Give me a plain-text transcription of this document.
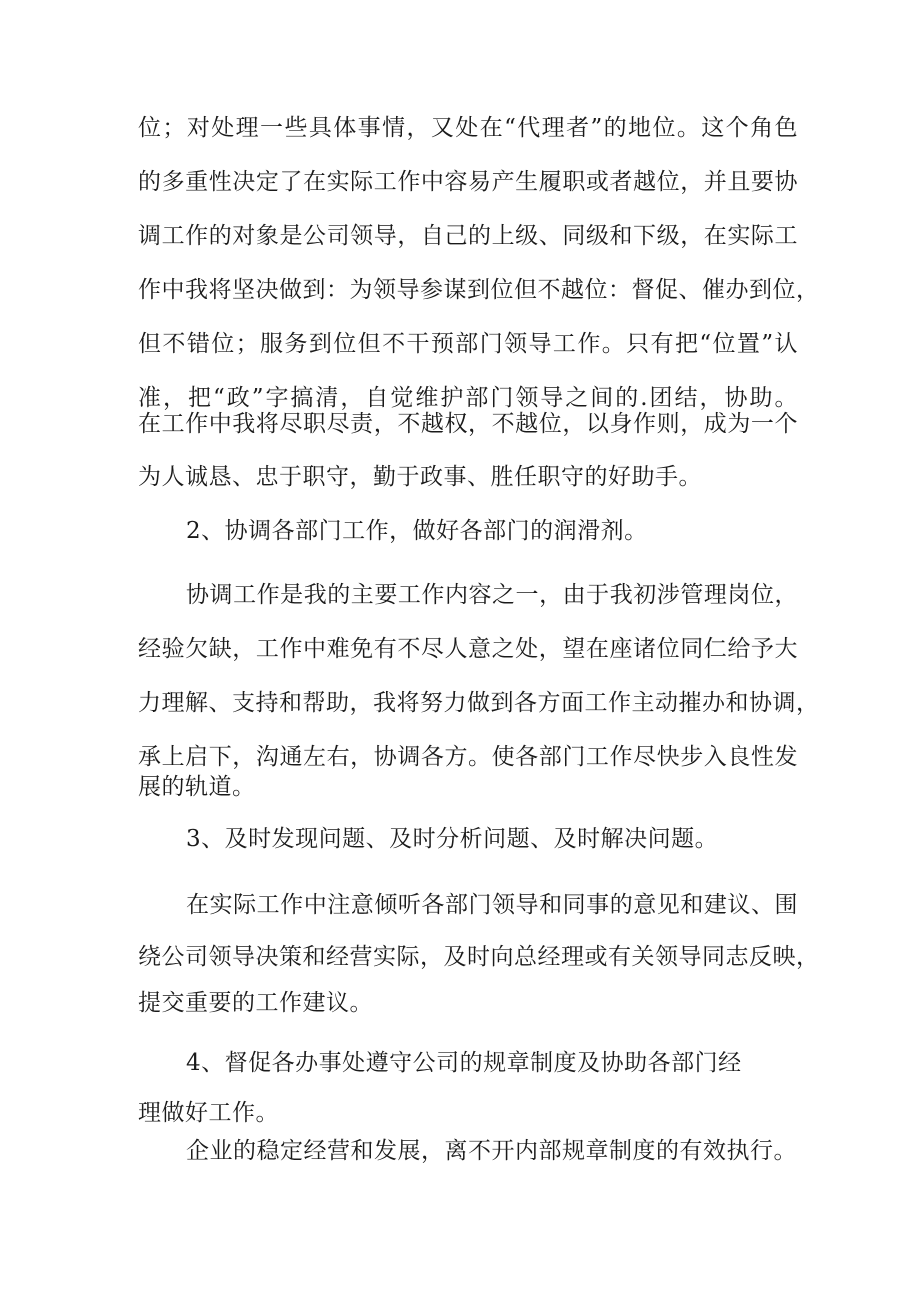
位；对处理一些具体事情，又处在“代理者”的地位。这个角色
的多重性决定了在实际工作中容易产生履职或者越位，并且要协
调工作的对象是公司领导，自己的上级、同级和下级，在实际工
作中我将坚决做到：为领导参谋到位但不越位：督促、催办到位，
但不错位；服务到位但不干预部门领导工作。只有把“位置”认
准，把“政”字搞清，自觉维护部门领导之间的.团结，协助。
在工作中我将尽职尽责，不越权，不越位，以身作则，成为一个
为人诚恳、忠于职守，勤于政事、胜任职守的好助手。
2、协调各部门工作，做好各部门的润滑剂。
协调工作是我的主要工作内容之一，由于我初涉管理岗位，
经验欠缺，工作中难免有不尽人意之处，望在座诸位同仁给予大
力理解、支持和帮助，我将努力做到各方面工作主动摧办和协调，
承上启下，沟通左右，协调各方。使各部门工作尽快步入良性发
展的轨道。
3、及时发现问题、及时分析问题、及时解决问题。
在实际工作中注意倾听各部门领导和同事的意见和建议、围
绕公司领导决策和经营实际，及时向总经理或有关领导同志反映，
提交重要的工作建议。
4、督促各办事处遵守公司的规章制度及协助各部门经
理做好工作。
企业的稳定经营和发展，离不开内部规章制度的有效执行。
